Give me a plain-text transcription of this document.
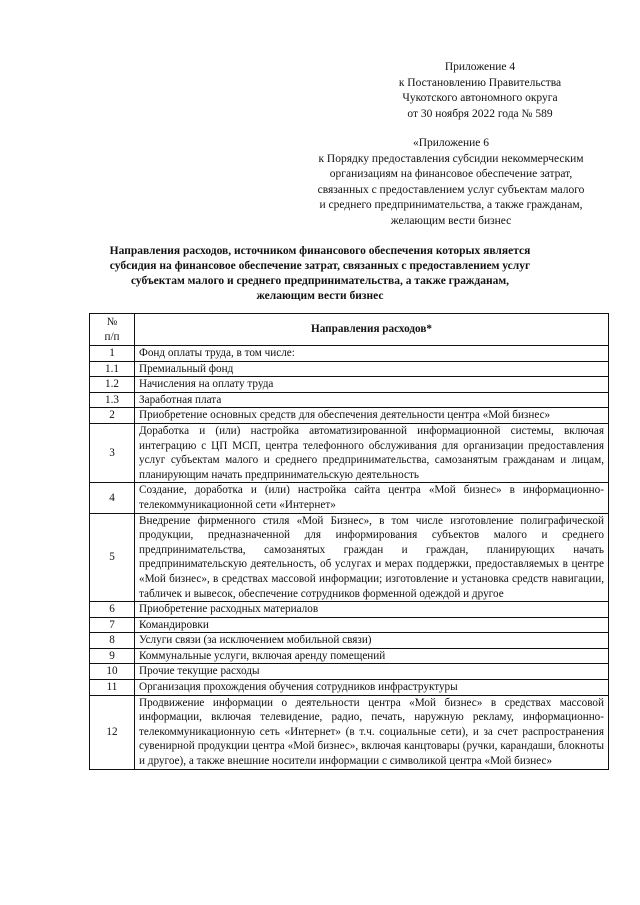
Приложение 4
к Постановлению Правительства
Чукотского автономного округа
от 30 ноября 2022 года № 589
«Приложение 6
к Порядку предоставления субсидии некоммерческим
организациям на финансовое обеспечение затрат,
связанных с предоставлением услуг субъектам малого
и среднего предпринимательства, а также гражданам,
желающим вести бизнес
Направления расходов, источником финансового обеспечения которых является
субсидия на финансовое обеспечение затрат, связанных с предоставлением услуг
субъектам малого и среднего предпринимательства, а также гражданам,
желающим вести бизнес
№
п/п	Направления расходов*
1	Фонд оплаты труда, в том числе:
1.1	Премиальный фонд
1.2	Начисления на оплату труда
1.3	Заработная плата
2	Приобретение основных средств для обеспечения деятельности центра «Мой бизнес»
3	Доработка и (или) настройка автоматизированной информационной системы, включая интеграцию с ЦП МСП, центра телефонного обслуживания для организации предоставления услуг субъектам малого и среднего предпринимательства, самозанятым гражданам и лицам, планирующим начать предпринимательскую деятельность
4	Создание, доработка и (или) настройка сайта центра «Мой бизнес» в информационно-телекоммуникационной сети «Интернет»
5	Внедрение фирменного стиля «Мой Бизнес», в том числе изготовление полиграфической продукции, предназначенной для информирования субъектов малого и среднего предпринимательства, самозанятых граждан и граждан, планирующих начать предпринимательскую деятельность, об услугах и мерах поддержки, предоставляемых в центре «Мой бизнес», в средствах массовой информации; изготовление и установка средств навигации, табличек и вывесок, обеспечение сотрудников форменной одеждой и другое
6	Приобретение расходных материалов
7	Командировки
8	Услуги связи (за исключением мобильной связи)
9	Коммунальные услуги, включая аренду помещений
10	Прочие текущие расходы
11	Организация прохождения обучения сотрудников инфраструктуры
12	Продвижение информации о деятельности центра «Мой бизнес» в средствах массовой информации, включая телевидение, радио, печать, наружную рекламу, информационно-телекоммуникационную сеть «Интернет» (в т.ч. социальные сети), и за счет распространения сувенирной продукции центра «Мой бизнес», включая канцтовары (ручки, карандаши, блокноты и другое), а также внешние носители информации с символикой центра «Мой бизнес»
